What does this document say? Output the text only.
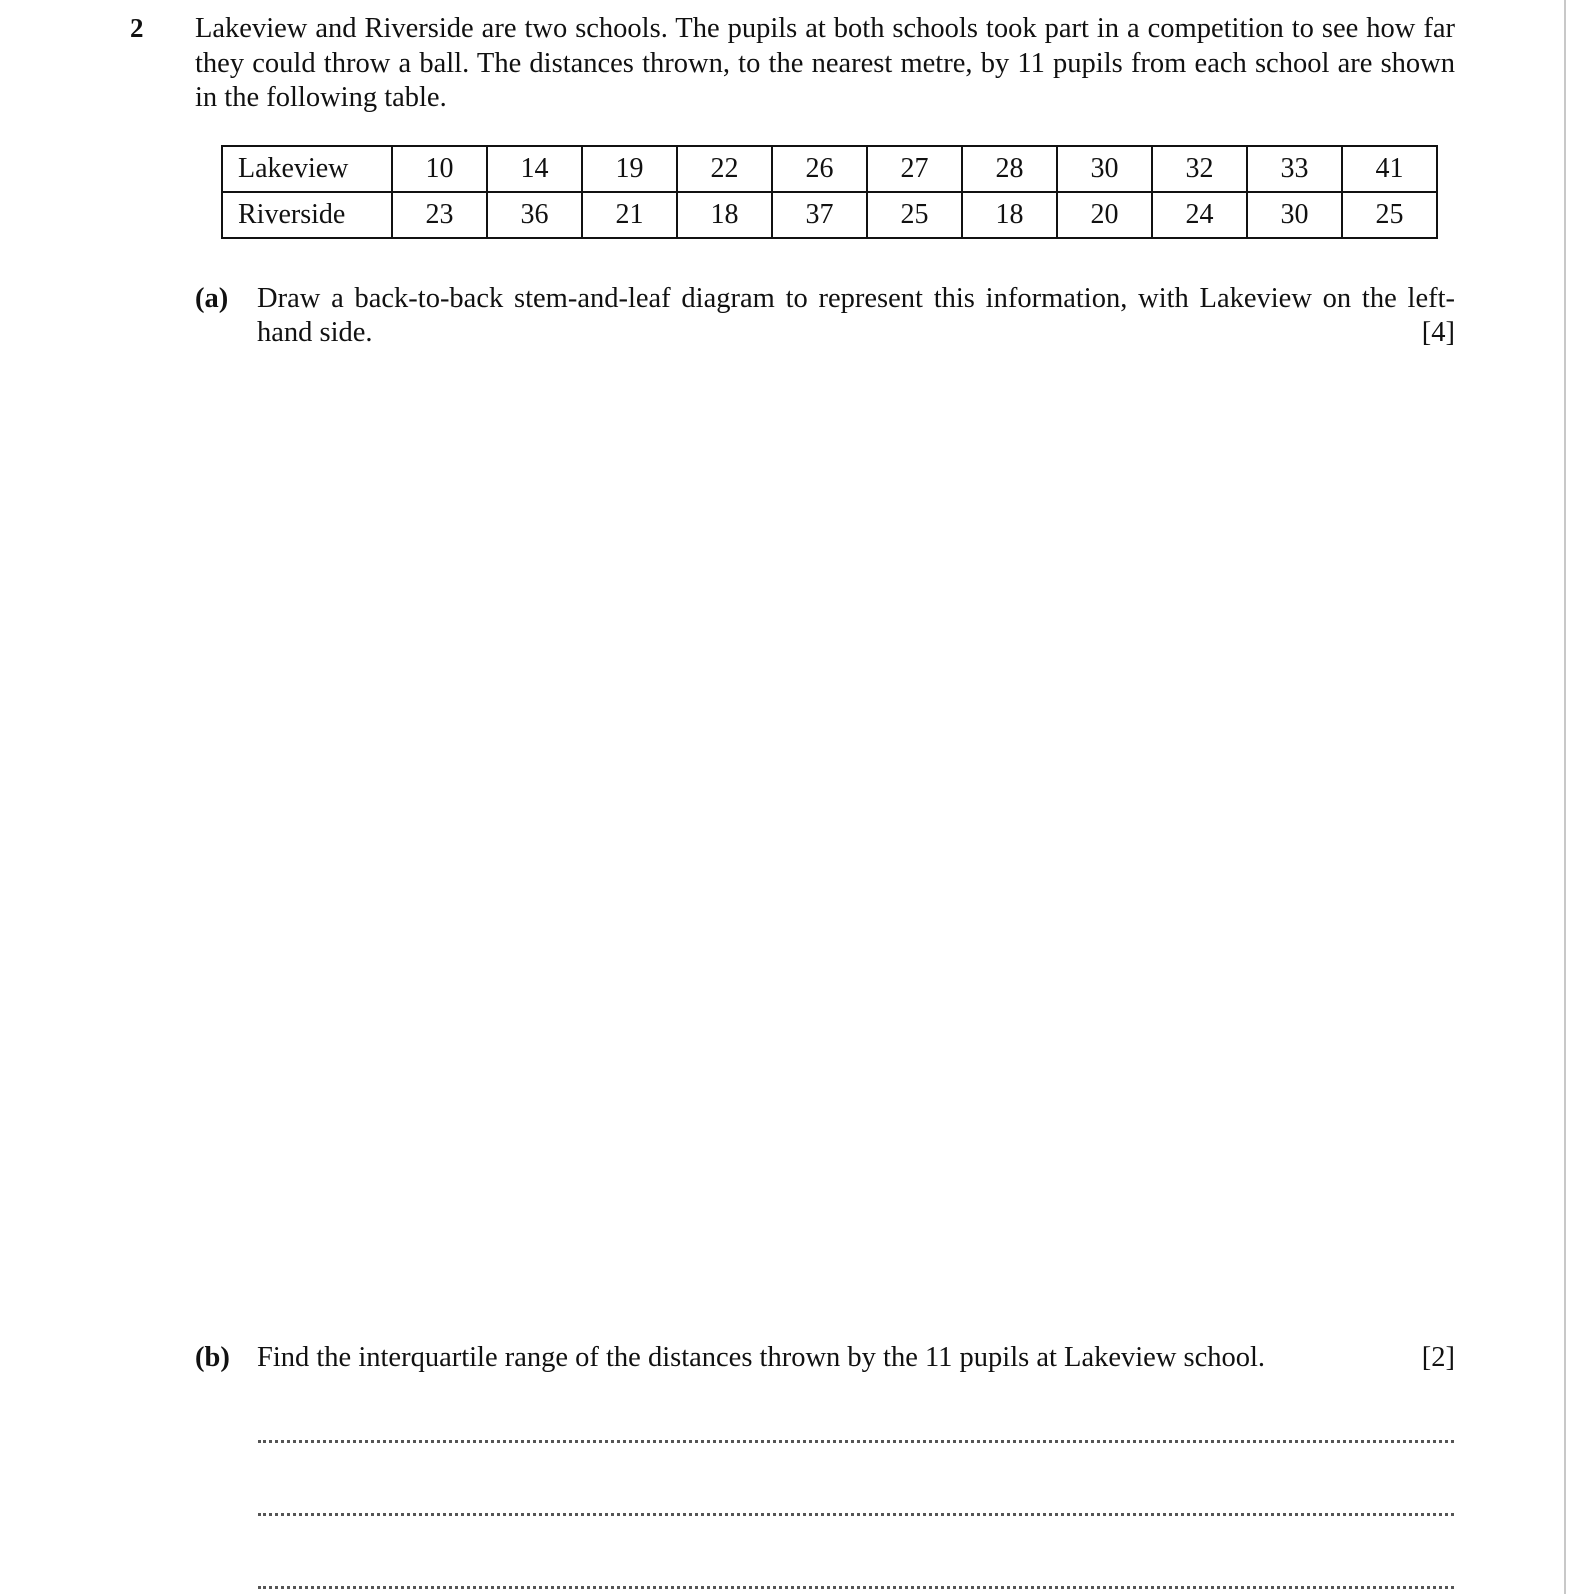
2 Lakeview and Riverside are two schools. The pupils at both schools took part in a competition to see how far they could throw a ball. The distances thrown, to the nearest metre, by 11 pupils from each school are shown in the following table.
Lakeview	10	14	19	22	26	27	28	30	32	33	41
Riverside	23	36	21	18	37	25	18	20	24	30	25
(a) Draw a back-to-back stem-and-leaf diagram to represent this information, with Lakeview on the left-hand side.	[4]
(b) Find the interquartile range of the distances thrown by the 11 pupils at Lakeview school.	[2]
